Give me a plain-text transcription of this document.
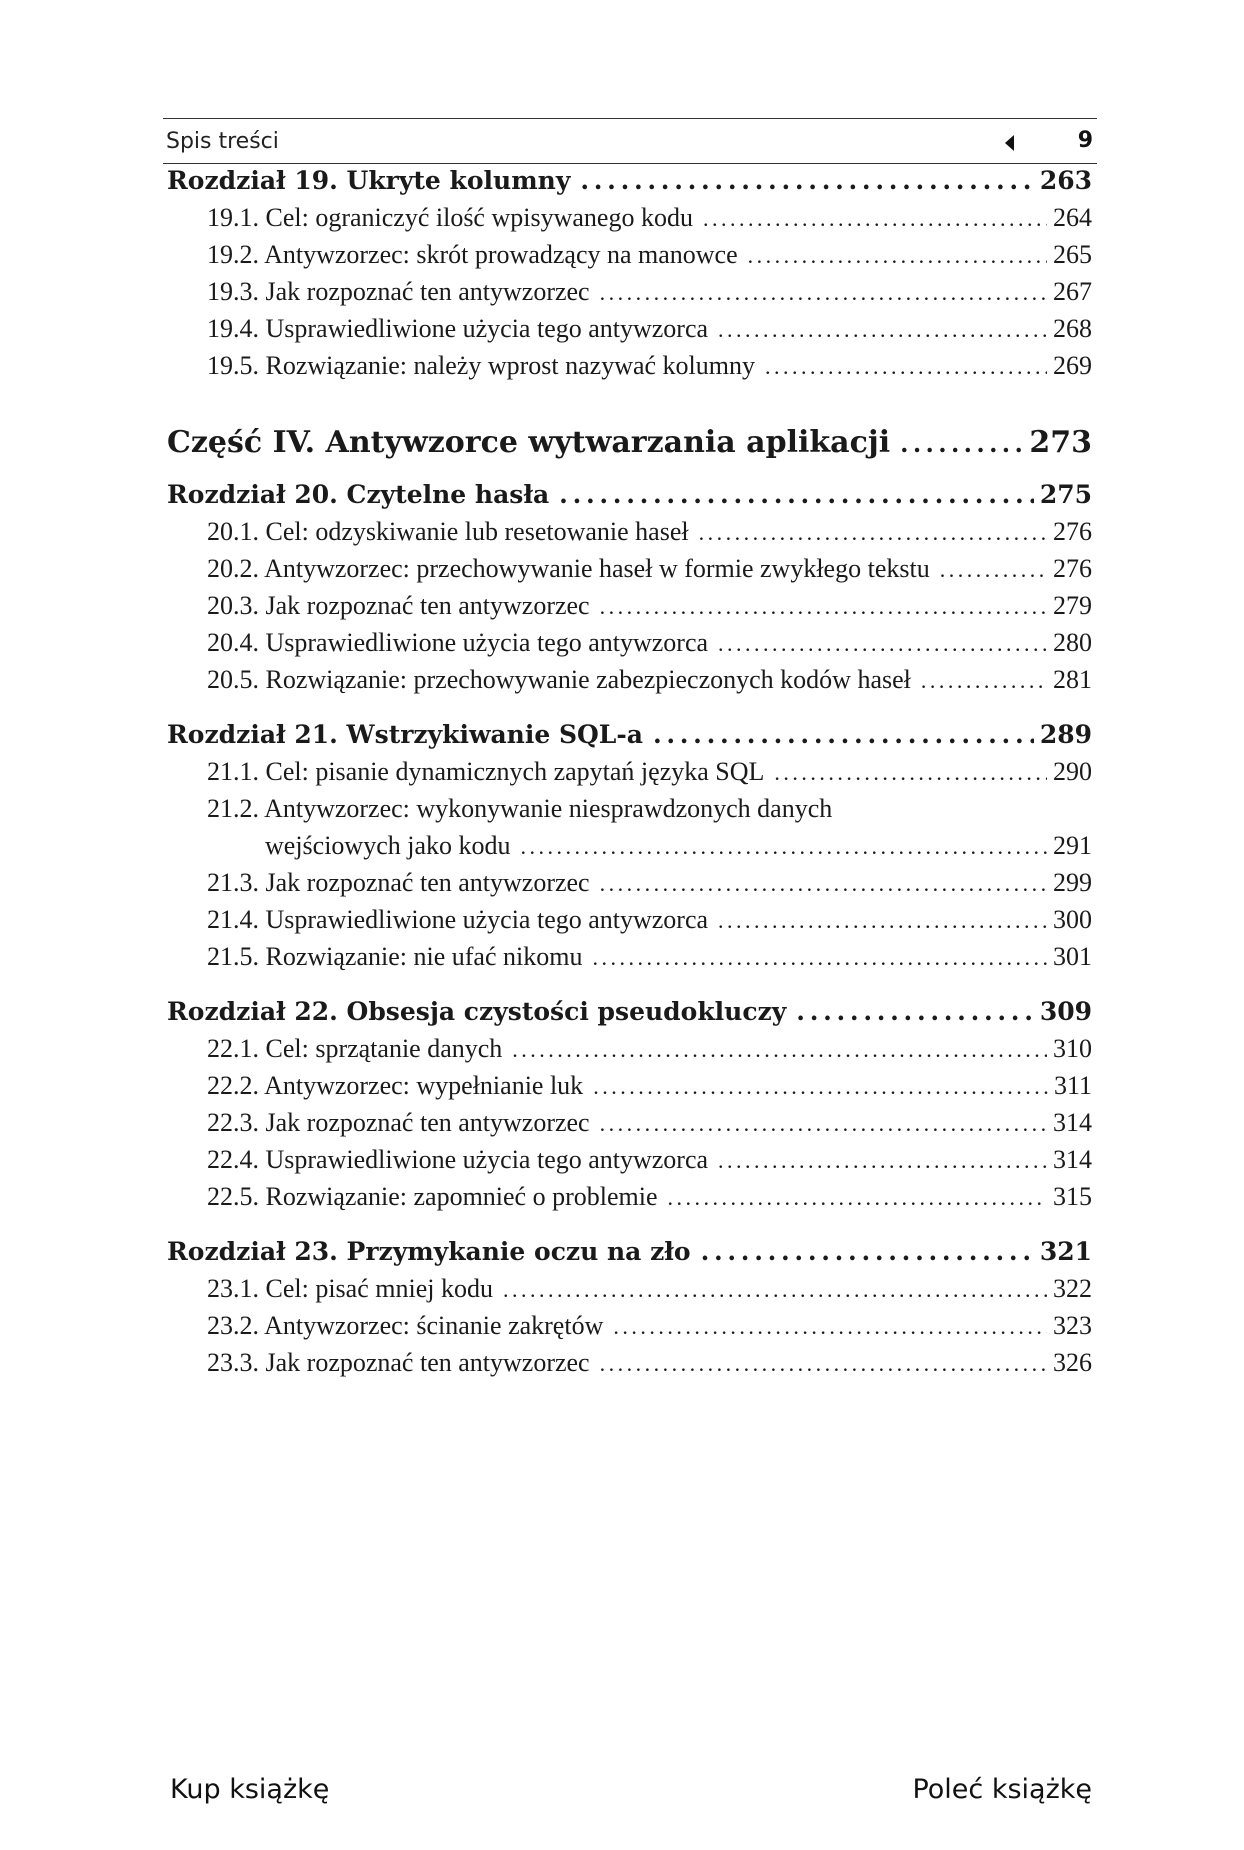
Spis treści	9
Rozdział 19. Ukryte kolumny . . .	263
19.1. Cel: ograniczyć ilość wpisywanego kodu . . .	264
19.2. Antywzorzec: skrót prowadzący na manowce . . .	265
19.3. Jak rozpoznać ten antywzorzec . . .	267
19.4. Usprawiedliwione użycia tego antywzorca . . .	268
19.5. Rozwiązanie: należy wprost nazywać kolumny . . .	269
Część IV. Antywzorce wytwarzania aplikacji . . .	273
Rozdział 20. Czytelne hasła . . .	275
20.1. Cel: odzyskiwanie lub resetowanie haseł . . .	276
20.2. Antywzorzec: przechowywanie haseł w formie zwykłego tekstu . . .	276
20.3. Jak rozpoznać ten antywzorzec . . .	279
20.4. Usprawiedliwione użycia tego antywzorca . . .	280
20.5. Rozwiązanie: przechowywanie zabezpieczonych kodów haseł . . .	281
Rozdział 21. Wstrzykiwanie SQL-a . . .	289
21.1. Cel: pisanie dynamicznych zapytań języka SQL . . .	290
21.2. Antywzorzec: wykonywanie niesprawdzonych danych
wejściowych jako kodu . . .	291
21.3. Jak rozpoznać ten antywzorzec . . .	299
21.4. Usprawiedliwione użycia tego antywzorca . . .	300
21.5. Rozwiązanie: nie ufać nikomu . . .	301
Rozdział 22. Obsesja czystości pseudokluczy . . .	309
22.1. Cel: sprzątanie danych . . .	310
22.2. Antywzorzec: wypełnianie luk . . .	311
22.3. Jak rozpoznać ten antywzorzec . . .	314
22.4. Usprawiedliwione użycia tego antywzorca . . .	314
22.5. Rozwiązanie: zapomnieć o problemie . . .	315
Rozdział 23. Przymykanie oczu na zło . . .	321
23.1. Cel: pisać mniej kodu . . .	322
23.2. Antywzorzec: ścinanie zakrętów . . .	323
23.3. Jak rozpoznać ten antywzorzec . . .	326
Kup książkę	Poleć książkę
